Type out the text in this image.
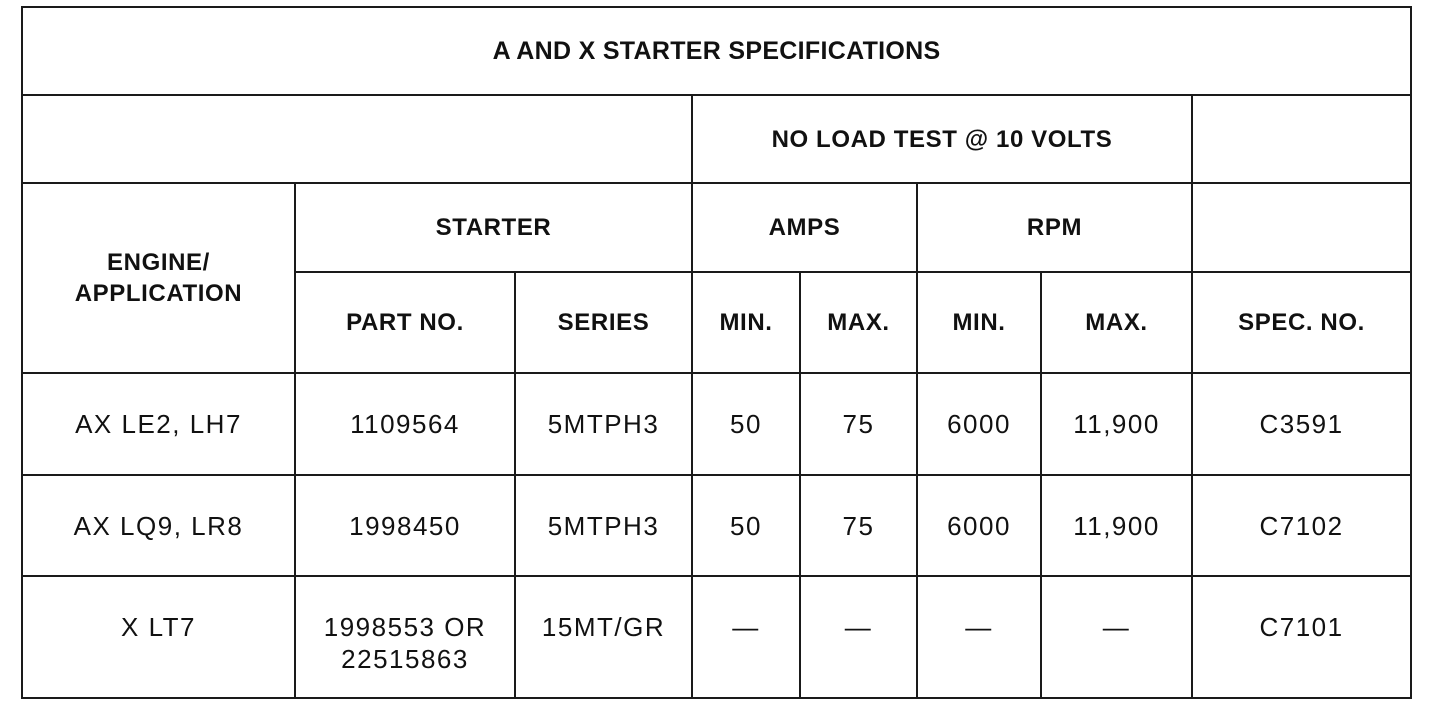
A AND X STARTER SPECIFICATIONS							
			NO LOAD TEST @ 10 VOLTS				

ENGINE/ APPLICATION	STARTER		AMPS		RPM		
	PART NO.	SERIES	MIN.	MAX.	MIN.	MAX.	SPEC. NO.
AX LE2, LH7	1109564	5MTPH3	50	75	6000	11,900	C3591
AX LQ9, LR8	1998450	5MTPH3	50	75	6000	11,900	C7102
X LT7	1998553 OR 22515863	15MT/GR	—	—	—	—	C7101
